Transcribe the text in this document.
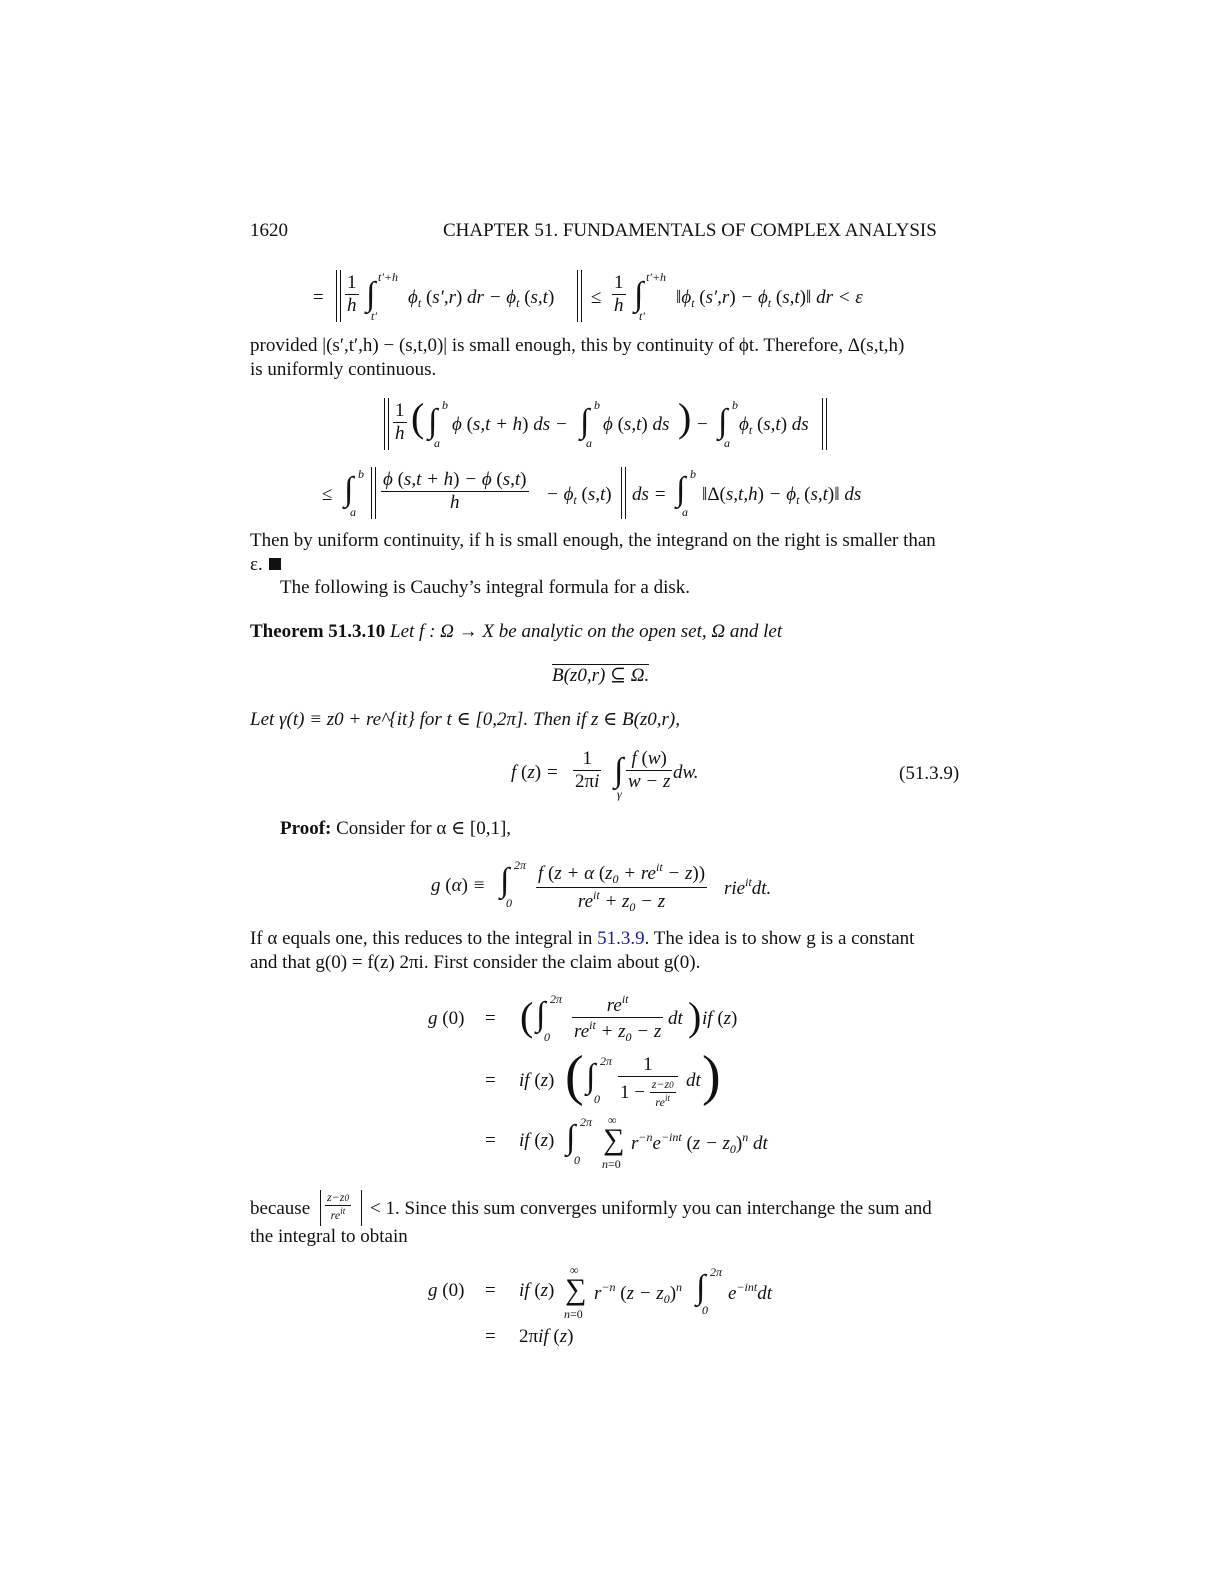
1620	CHAPTER 51. FUNDAMENTALS OF COMPLEX ANALYSIS
= $\frac{1}{h}$ ∫ t′+h
t′
$\phi_t$ (s′,r) dr − $\phi_t$ $(s,t) \le \frac{1}{h}$ ∫ t′+h
t′
$‖\phi_t$ $(s',r) - \phi_t$ (s,t)‖ dr < ε
provided |(s′,t′,h) − (s,t,0)| is small enough, this by continuity of ϕt. Therefore, Δ(s,t,h)
is uniformly continuous.
$\frac{1}{h}$ ( ∫ b
a
ϕ (s,t + h) ds − ∫ b
a
ϕ (s,t) ds ) − ∫ b
a
$\phi_t$ (s,t) ds
≤ ∫ b
a $\frac{\phi (s,t + h) - \phi (s,t)}{h} - \phi_t$ (s,t) ds = ∫ b
a
‖Δ(s,t,h) − $\phi_t$ (s,t)‖ ds
Then by uniform continuity, if h is small enough, the integrand on the right is smaller than
ε.
The following is Cauchy’s integral formula for a disk.
Theorem 51.3.10 Let f : Ω → X be analytic on the open set, Ω and let
B(z0,r) ⊆ Ω.
Let γ(t) ≡ z0 + re^{it} for t ∈ [0,2π]. Then if z ∈ B(z0,r),
f $(z) = \frac{1}{2\pi i}$ ∫
γ
$\frac{f (w)}{w - z}$ dw.	(51.3.9)
Proof: Consider for α ∈ [0,1],
g (α) ≡ ∫ 2π
$0 \frac{f (z + \alpha (z_0 + re^{it} - z))}{re^{it} + z_0 - z} rie^{it}dt$.
If α equals one, this reduces to the integral in 51.3.9. The idea is to show g is a constant
and that g(0) = f(z) 2πi. First consider the claim about g(0).
g (0) = ( ∫ 2π
$0 \frac{re^{it}}{re^{it} + z_0 - z}$ dt ) if (z)
= if (z) ( ∫ 2π
$0 \frac{1}{1 - \frac{z-z0}{re^{it}}}$ dt )
= if (z) ∫ 2π
0
∑
∞
n=0
$r^{-n}e^{-int}$ $(z - z_0)^n$ dt
because $\frac{z-z0}{re^{it}} < 1$. Since this sum converges uniformly you can interchange the sum and
the integral to obtain
g (0) = if (z) ∑
∞
n=0
$r^{-n}$ $(z - z_0)^n$ ∫ 2π
0
$e^{-int}dt$
= 2πif (z)
